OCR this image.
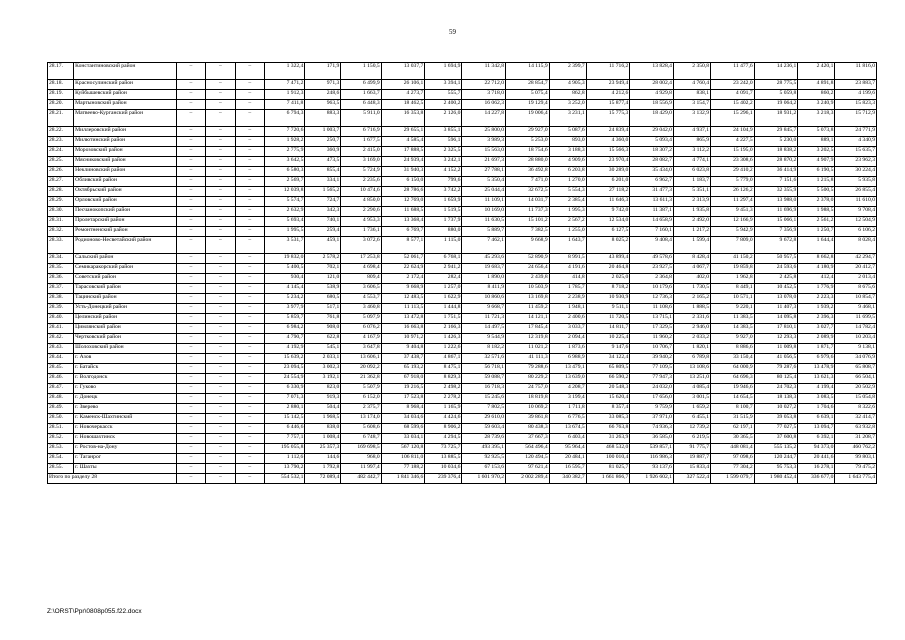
59
28.17.	Константиновский район	–	–	–	1 322,4	171,9	1 150,5	13 037,7	1 694,9	11 342,8	14 115,9	2 399,7	11 716,2	13 828,4	2 350,8	11 477,6	14 236,1	2 420,1	11 816,0
28.18.	Красносулинский район	–	–	–	7 471,2	971,3	6 499,9	26 106,1	3 394,1	22 712,0	28 854,7	4 905,3	23 949,4	28 002,4	4 760,4	23 242,0	28 775,5	4 891,8	23 883,7
28.19.	Куйбышевский район	–	–	–	1 912,3	248,6	1 663,7	4 273,7	555,7	3 718,0	5 075,4	862,8	4 212,6	4 929,8	838,1	4 091,7	5 059,8	860,2	4 199,6
28.20.	Мартыновский район	–	–	–	7 411,8	963,5	6 448,3	18 462,5	2 400,2	16 062,3	19 129,4	3 252,0	15 877,4	18 556,9	3 154,7	15 402,2	19 064,2	3 240,9	15 823,3
28.21.	Матвеево-Курганский район	–	–	–	6 794,3	883,3	5 911,0	16 353,8	2 126,0	14 227,8	19 006,4	3 231,1	15 775,3	18 429,0	3 132,9	15 296,1	18 931,2	3 218,3	15 712,9
28.22.	Миллеровский район	–	–	–	7 720,6	1 003,7	6 716,9	29 655,1	3 855,1	25 800,0	29 927,0	5 087,6	24 839,4	29 042,0	4 937,1	24 104,9	29 845,7	5 073,8	24 771,9
28.23.	Милютинский район	–	–	–	1 928,2	250,7	1 677,5	4 585,4	596,1	3 989,3	5 253,0	893,0	4 360,0	5 093,4	865,9	4 227,5	5 230,0	889,1	4 340,9
28.24.	Морозовский район	–	–	–	2 775,9	360,9	2 415,0	17 888,5	2 325,5	15 563,0	18 754,6	3 188,3	15 566,3	18 307,2	3 112,2	15 195,0	18 838,2	3 202,5	15 635,7
28.25.	Мясниковский район	–	–	–	3 642,5	473,5	3 169,0	24 939,4	3 242,1	21 697,3	28 880,0	4 909,6	23 970,4	28 082,7	4 774,1	23 308,6	28 870,2	4 907,9	23 962,3
28.26.	Неклиновский район	–	–	–	6 580,3	855,4	5 724,9	31 940,3	4 152,2	27 788,1	36 492,8	6 203,8	30 289,0	35 434,0	6 023,8	29 410,2	36 414,9	6 190,5	30 224,4
28.27.	Обливский район	–	–	–	2 569,7	334,1	2 235,6	6 150,0	799,6	5 350,4	7 471,0	1 270,0	6 201,0	6 962,7	1 183,7	5 779,0	7 151,6	1 215,8	5 935,8
28.28.	Октябрьский район	–	–	–	12 039,8	1 565,2	10 474,6	28 786,6	3 742,2	25 044,4	32 672,5	5 554,3	27 118,2	31 477,3	5 351,1	26 126,2	32 355,9	5 500,5	26 855,4
28.29.	Орловский район	–	–	–	5 574,7	724,7	4 850,0	12 769,0	1 659,9	11 109,1	14 031,7	2 385,4	11 646,3	13 611,3	2 313,9	11 297,4	13 988,0	2 378,0	11 610,0
28.30.	Песчанокопский район	–	–	–	2 632,9	342,3	2 290,6	11 688,5	1 519,5	10 169,0	11 737,3	1 995,3	9 742,0	11 387,1	1 935,8	9 451,3	11 696,9	1 988,5	9 708,4
28.31.	Пролетарский район	–	–	–	5 693,4	740,1	4 953,3	13 368,4	1 737,9	11 630,5	15 101,2	2 567,2	12 534,0	14 658,9	2 492,0	12 166,9	15 066,1	2 561,2	12 504,9
28.32.	Ремонтненский район	–	–	–	1 995,5	259,4	1 736,1	6 769,7	880,0	5 889,7	7 382,5	1 255,0	6 127,5	7 160,1	1 217,2	5 942,9	7 356,9	1 250,7	6 106,2
28.33.	Родионово-Несветайский район	–	–	–	3 531,7	459,1	3 072,6	8 577,1	1 115,0	7 462,1	9 668,9	1 643,7	8 025,2	9 408,4	1 599,4	7 809,0	9 672,8	1 644,4	8 028,4
28.34.	Сальский район	–	–	–	19 832,0	2 578,2	17 253,8	52 061,7	6 768,1	45 293,6	52 890,9	8 991,5	43 899,4	49 578,6	8 428,4	41 150,2	50 957,5	8 662,8	42 294,7
28.35.	Семикаракорский район	–	–	–	5 400,5	702,1	4 698,4	22 624,9	2 941,2	19 683,7	24 656,4	4 191,6	20 464,8	23 927,5	4 067,7	19 859,8	24 593,6	4 180,9	20 412,7
28.36.	Советский район	–	–	–	930,4	121,0	809,4	2 172,4	282,4	1 890,0	2 439,8	414,8	2 025,0	2 364,8	402,0	1 962,8	2 425,8	412,4	2 013,4
28.37.	Тарасовский район	–	–	–	4 145,4	538,9	3 606,5	9 668,9	1 257,0	8 411,9	10 503,9	1 785,7	8 718,2	10 179,6	1 730,5	8 449,1	10 452,5	1 776,9	8 675,6
28.38.	Тацинский район	–	–	–	5 234,2	680,5	4 553,7	12 483,5	1 622,9	10 860,6	13 169,8	2 238,9	10 930,9	12 736,3	2 165,2	10 571,1	13 078,0	2 223,3	10 854,7
28.39.	Усть-Донецкий район	–	–	–	3 977,9	517,1	3 460,8	11 113,5	1 444,8	9 668,7	11 459,2	1 948,1	9 511,1	11 108,6	1 888,5	9 220,1	11 407,3	1 939,2	9 468,1
28.40.	Целинский район	–	–	–	5 859,7	761,8	5 097,9	13 472,8	1 751,5	11 721,3	14 121,1	2 400,6	11 720,5	13 715,1	2 331,6	11 383,5	14 095,8	2 396,3	11 699,5
28.41.	Цимлянский район	–	–	–	6 984,2	908,0	6 076,2	16 663,8	2 166,3	14 497,5	17 845,4	3 033,7	14 811,7	17 329,5	2 946,0	14 383,5	17 810,1	3 027,7	14 782,4
28.42.	Чертковский район	–	–	–	4 790,7	622,8	4 167,9	10 971,2	1 426,3	9 544,9	12 319,8	2 094,4	10 225,4	11 960,2	2 033,2	9 927,0	12 293,3	2 089,9	10 203,4
28.43.	Шолоховский район	–	–	–	4 192,9	545,1	3 647,8	9 404,8	1 222,6	8 182,2	11 021,2	1 873,6	9 147,6	10 706,7	1 820,1	8 886,6	11 009,8	1 871,7	9 138,1
28.44.	г. Азов	–	–	–	15 639,2	2 033,1	13 606,1	37 438,7	4 867,1	32 571,6	41 111,3	6 988,9	34 122,4	39 940,2	6 789,8	33 150,4	41 056,5	6 979,6	34 076,9
28.45.	г. Батайск	–	–	–	23 094,5	3 002,3	20 092,2	65 193,2	8 475,1	56 718,1	79 288,6	13 479,1	65 809,5	77 109,5	13 108,6	64 000,9	79 287,6	13 478,9	65 808,7
28.46.	г. Волгодонск	–	–	–	24 554,9	3 192,1	21 362,8	67 918,0	8 829,3	59 088,7	80 229,2	13 639,0	66 590,2	77 947,3	13 251,0	64 696,3	80 125,4	13 621,3	66 504,1
28.47.	г. Гуково	–	–	–	6 330,9	823,0	5 507,9	19 216,5	2 498,2	16 718,3	24 757,0	4 208,7	20 548,3	24 032,0	4 085,4	19 946,6	24 702,3	4 199,4	20 502,9
28.48.	г. Донецк	–	–	–	7 071,3	919,3	6 152,0	17 523,8	2 278,2	15 245,6	18 819,8	3 199,4	15 620,4	17 656,0	3 001,5	14 654,5	18 138,3	3 083,5	15 054,8
28.49.	г. Зверево	–	–	–	2 880,1	504,4	2 375,7	8 968,4	1 165,9	7 802,5	10 069,2	1 711,8	8 357,4	9 759,9	1 659,2	8 100,7	10 027,2	1 704,6	8 322,6
28.50.	г. Каменск-Шахтинский	–	–	–	15 142,5	1 968,5	13 174,0	34 034,6	4 424,6	29 610,0	39 861,8	6 776,5	33 085,3	37 971,0	6 455,1	31 515,9	39 053,8	6 639,1	32 414,7
28.51.	г. Новочеркасск	–	–	–	6 446,6	838,0	5 608,6	68 599,6	8 906,2	59 603,4	80 438,3	13 674,5	66 763,8	74 936,3	12 739,2	62 197,1	77 027,5	13 094,7	63 932,8
28.52.	г. Новошахтинск	–	–	–	7 757,1	1 008,4	6 748,7	33 034,1	4 294,5	28 739,6	37 667,3	6 403,4	31 263,9	36 585,0	6 219,5	30 365,5	37 600,8	6 392,1	31 208,7
28.53.	г. Ростов-на-Дону	–	–	–	195 055,8	25 357,3	169 698,5	567 120,8	73 725,7	493 395,1	564 496,4	95 964,4	468 532,0	539 857,1	91 775,7	448 081,4	555 135,2	94 373,0	460 762,2
28.54.	г. Таганрог	–	–	–	1 112,6	144,6	968,0	106 811,0	13 885,5	92 925,5	120 494,5	20 484,1	100 010,4	116 986,3	19 887,7	97 098,6	120 244,7	20 441,6	99 803,1
28.55.	г. Шахты	–	–	–	13 790,2	1 792,8	11 997,4	77 188,2	10 034,6	67 153,6	97 621,4	16 595,7	81 025,7	93 137,6	15 833,4	77 304,2	95 753,3	16 278,1	79 475,2
Итого по разделу 28		–	–	–	554 532,1	72 089,4	482 442,7	1 841 346,6	239 376,4	1 601 970,2	2 002 289,4	340 382,7	1 661 866,7	1 926 602,1	327 522,4	1 599 079,7	1 980 452,4	336 677,0	1 643 775,4
Z:\ORST\Ppr\0808p055.f22.docx
